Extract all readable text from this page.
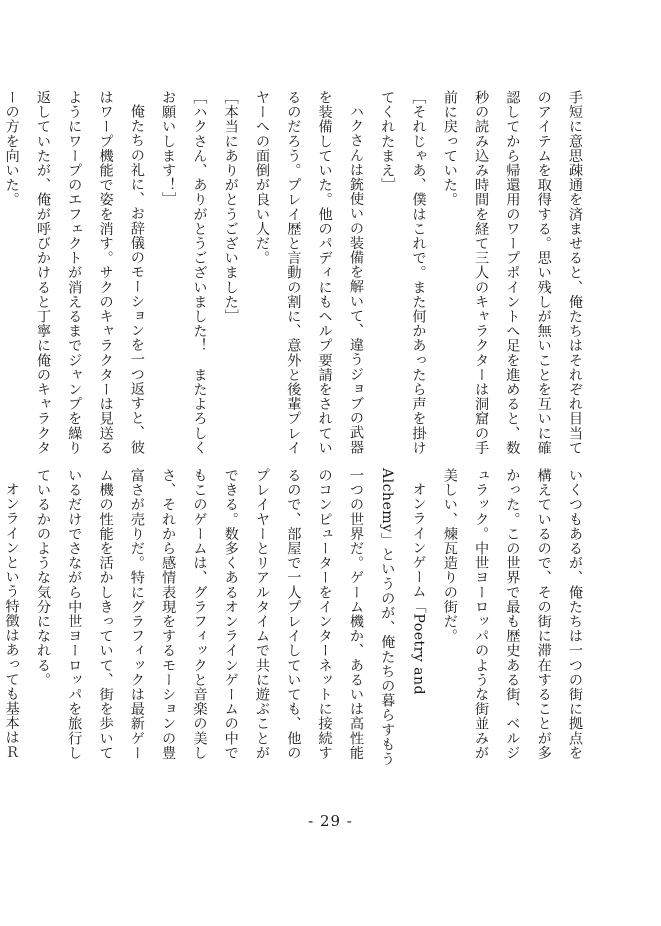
手短に意思疎通を済ませると、俺たちはそれぞれ目当てのアイテムを取得する。思い残しが無いことを互いに確認してから帰還用のワープポイントへ足を進めると、数秒の読み込み時間を経て三人のキャラクターは洞窟の手前に戻っていた。

［それじゃあ、僕はこれで。また何かあったら声を掛けてくれたまえ］

ハクさんは銃使いの装備を解いて、違うジョブの武器を装備していた。他のパディにもヘルプ要請をされているのだろう。プレイ歴と言動の割に、意外と後輩プレイヤーへの面倒が良い人だ。

［本当にありがとうございました］

［ハクさん、ありがとうございました！　またよろしくお願いします！］

俺たちの礼に、お辞儀のモーションを一つ返すと、彼はワープ機能で姿を消す。サクのキャラクターは見送るようにワープのエフェクトが消えるまでジャンプを繰り返していたが、俺が呼びかけると丁寧に俺のキャラクターの方を向いた。

いくつもあるが、俺たちは一つの街に拠点を構えているので、その街に滞在することが多かった。この世界で最も歴史ある街、ベルジュラック。中世ヨーロッパのような街並みが美しい、煉瓦造りの街だ。

オンラインゲーム「Poetry and Alchemy」というのが、俺たちの暮らすもう一つの世界だ。ゲーム機か、あるいは高性能のコンピューターをインターネットに接続するので、部屋で一人プレイしていても、他のプレイヤーとリアルタイムで共に遊ぶことができる。数多くあるオンラインゲームの中でもこのゲームは、グラフィックと音楽の美しさ、それから感情表現をするモーションの豊富さが売りだ。特にグラフィックは最新ゲーム機の性能を活かしきっていて、街を歩いているだけでさながら中世ヨーロッパを旅行しているかのような気分になれる。

オンラインという特徴はあっても基本はＲ

- 29 -
